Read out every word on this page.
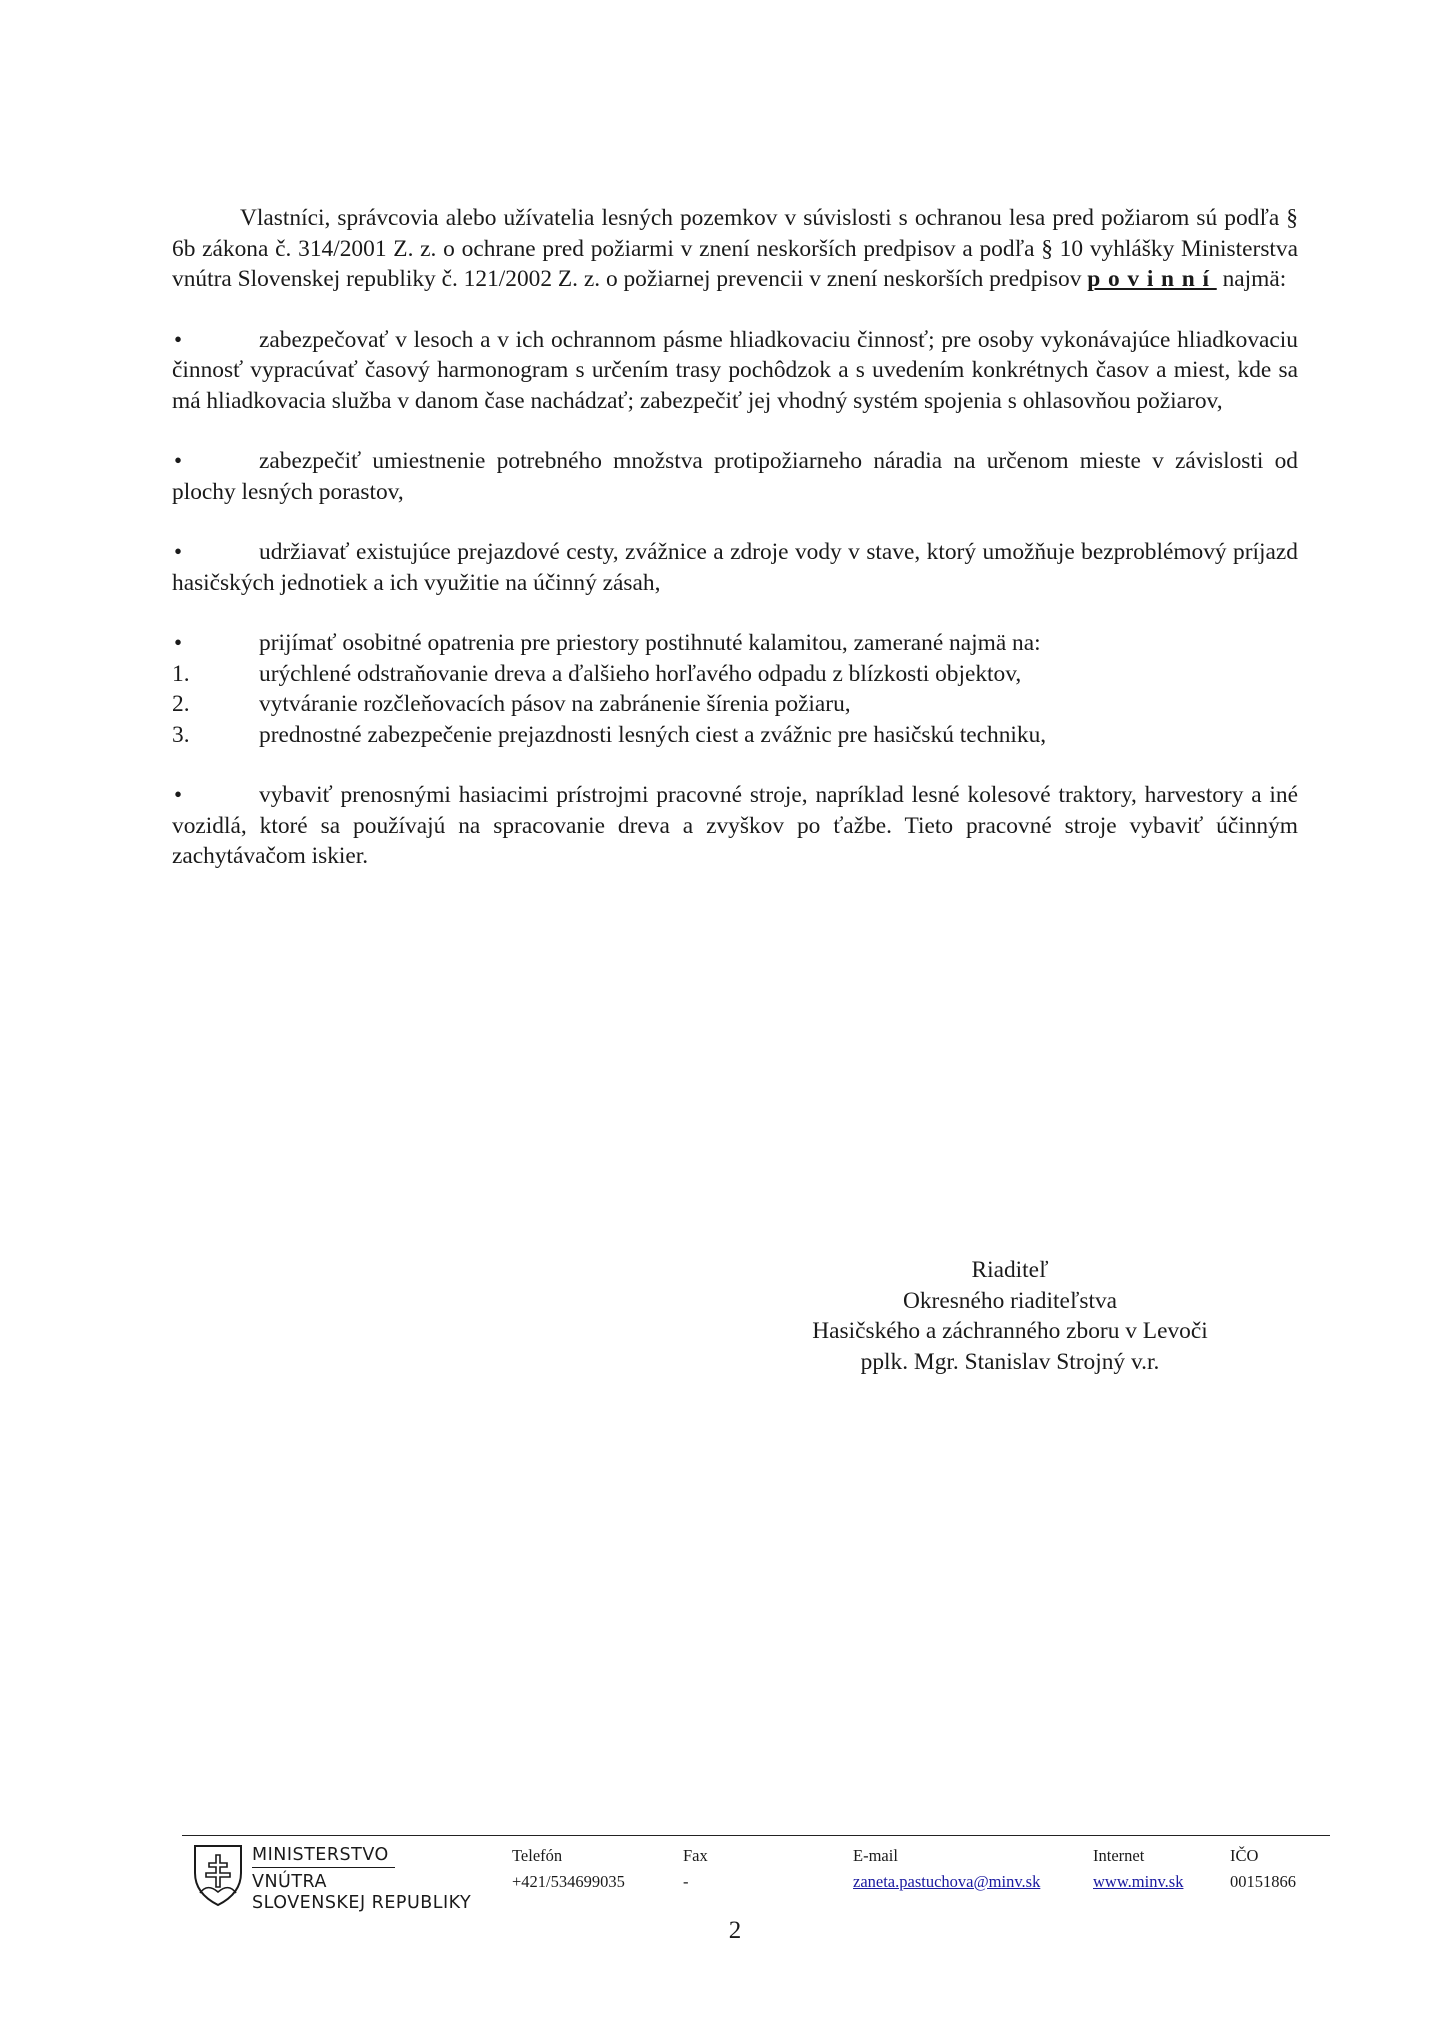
Vlastníci, správcovia alebo užívatelia lesných pozemkov v súvislosti s ochranou lesa pred požiarom sú podľa § 6b zákona č. 314/2001 Z. z. o ochrane pred požiarmi v znení neskorších predpisov a podľa § 10 vyhlášky Ministerstva vnútra Slovenskej republiky č. 121/2002 Z. z. o požiarnej prevencii v znení neskorších predpisov povinní najmä:

•	zabezpečovať v lesoch a v ich ochrannom pásme hliadkovaciu činnosť; pre osoby vykonávajúce hliadkovaciu činnosť vypracúvať časový harmonogram s určením trasy pochôdzok a s uvedením konkrétnych časov a miest, kde sa má hliadkovacia služba v danom čase nachádzať; zabezpečiť jej vhodný systém spojenia s ohlasovňou požiarov,

•	zabezpečiť umiestnenie potrebného množstva protipožiarneho náradia na určenom mieste v závislosti od plochy lesných porastov,

•	udržiavať existujúce prejazdové cesty, zvážnice a zdroje vody v stave, ktorý umožňuje bezproblémový príjazd hasičských jednotiek a ich využitie na účinný zásah,

•	prijímať osobitné opatrenia pre priestory postihnuté kalamitou, zamerané najmä na:
1.	urýchlené odstraňovanie dreva a ďalšieho horľavého odpadu z blízkosti objektov,
2.	vytváranie rozčleňovacích pásov na zabránenie šírenia požiaru,
3.	prednostné zabezpečenie prejazdnosti lesných ciest a zvážnic pre hasičskú techniku,

•	vybaviť prenosnými hasiacimi prístrojmi pracovné stroje, napríklad lesné kolesové traktory, harvestory a iné vozidlá, ktoré sa používajú na spracovanie dreva a zvyškov po ťažbe. Tieto pracovné stroje vybaviť účinným zachytávačom iskier.

Riaditeľ
Okresného riaditeľstva
Hasičského a záchranného zboru v Levoči
pplk. Mgr. Stanislav Strojný v.r.
MINISTERSTVO
VNÚTRA
SLOVENSKEJ REPUBLIKY
Telefón
+421/534699035
Fax
-
E-mail
zaneta.pastuchova@minv.sk
Internet
www.minv.sk
IČO
00151866
2
